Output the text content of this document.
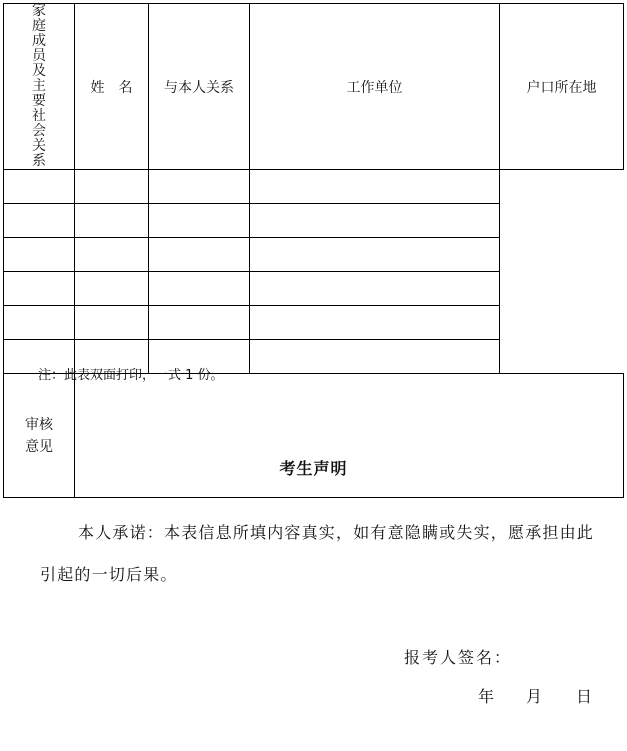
家庭成员及主要社会关系	姓　名	与本人关系	工作单位	户口所在地

审核
意见				
注：此表双面打印，一式 1 份。
考生声明
本人承诺：本表信息所填内容真实，如有意隐瞒或失实，愿承担由此引起的一切后果。
报考人签名：
年 月 日
